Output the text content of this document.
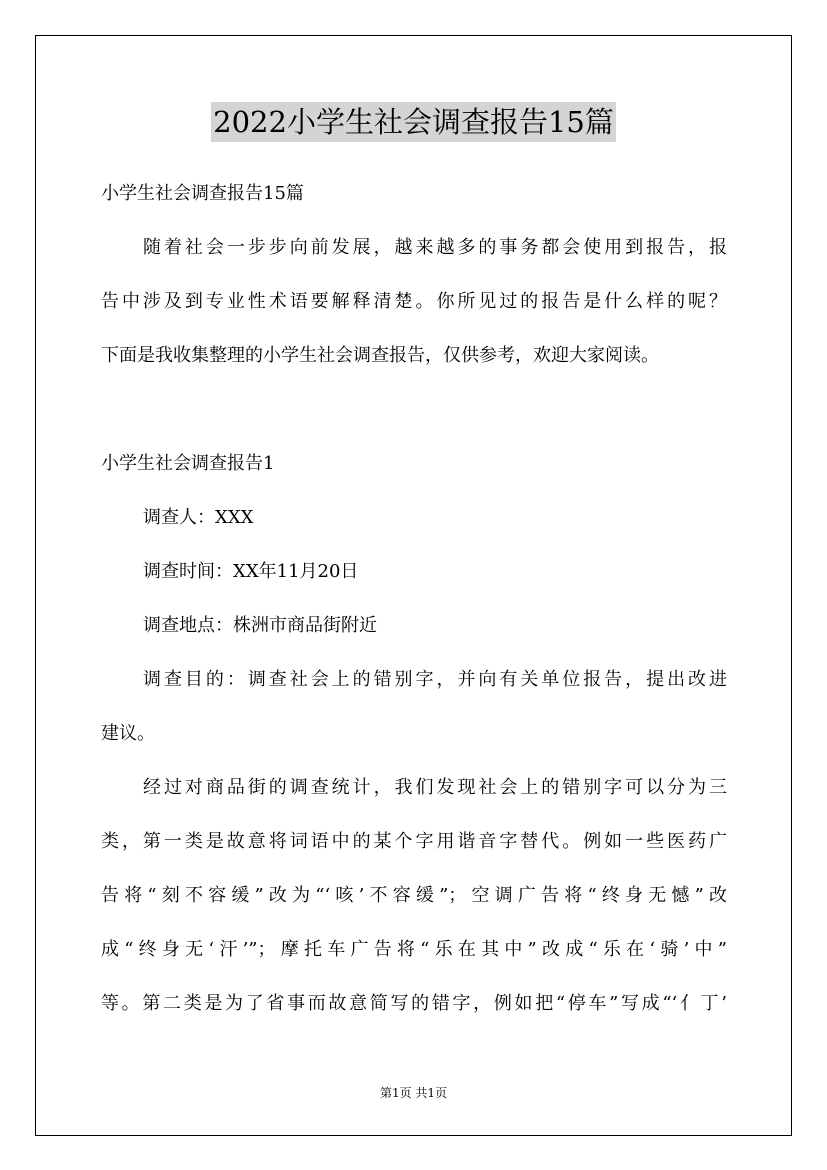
2022小学生社会调查报告15篇
小学生社会调查报告15篇
随着社会一步步向前发展，越来越多的事务都会使用到报告，报
告中涉及到专业性术语要解释清楚。你所见过的报告是什么样的呢？
下面是我收集整理的小学生社会调查报告，仅供参考，欢迎大家阅读。
小学生社会调查报告1
调查人：XXX
调查时间：XX年11月20日
调查地点：株洲市商品街附近
调查目的：调查社会上的错别字，并向有关单位报告，提出改进
建议。
经过对商品街的调查统计，我们发现社会上的错别字可以分为三
类，第一类是故意将词语中的某个字用谐音字替代。例如一些医药广
告将“刻不容缓”改为“‘咳’不容缓”；空调广告将“终身无憾”改
成“终身无‘汗’”；摩托车广告将“乐在其中”改成“乐在‘骑’中”
等。第二类是为了省事而故意简写的错字，例如把“停车”写成“‘亻丁’
第1页 共1页
